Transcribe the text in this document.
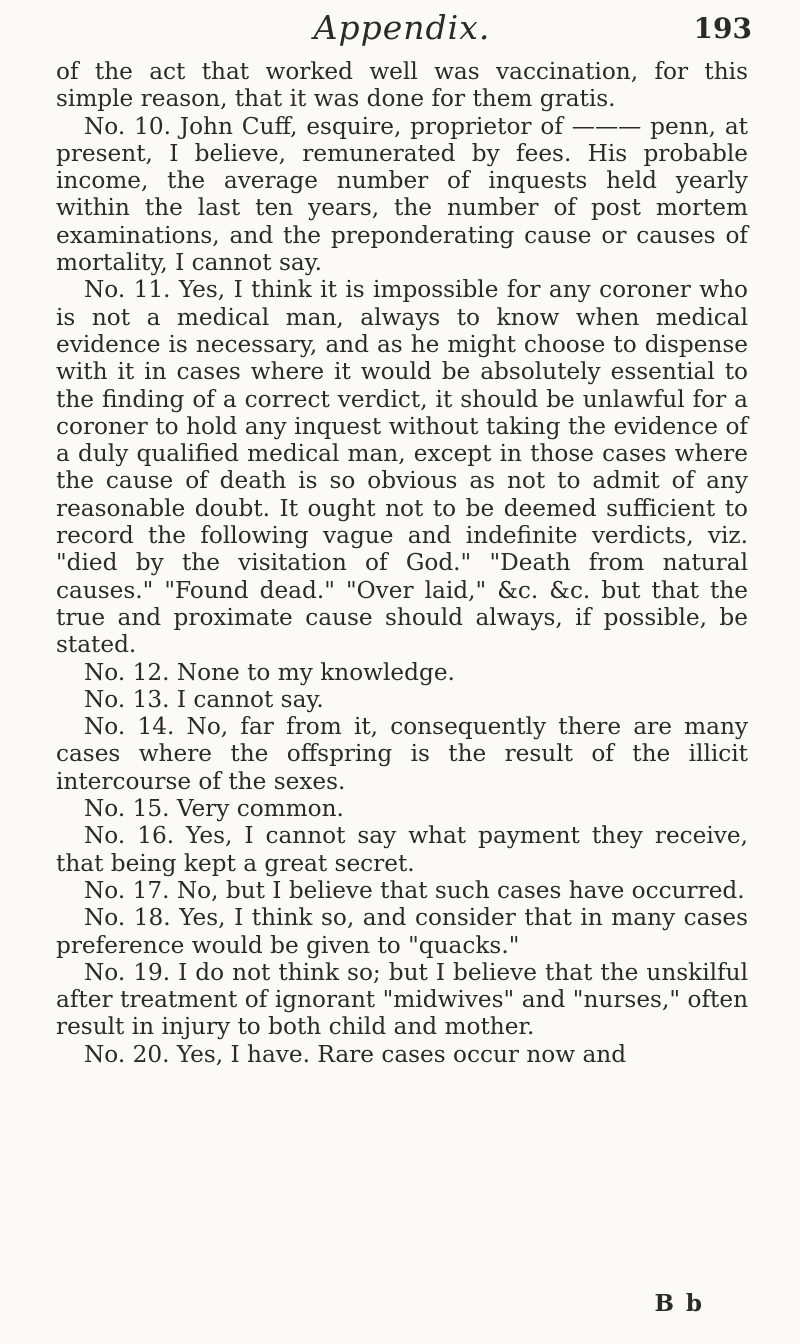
Appendix.	193

of the act that worked well was vaccination, for this simple reason, that it was done for them gratis.

No. 10. John Cuff, esquire, proprietor of ——— penn, at present, I believe, remunerated by fees. His probable income, the average number of inquests held yearly within the last ten years, the number of post mortem examinations, and the preponderating cause or causes of mortality, I cannot say.

No. 11. Yes, I think it is impossible for any coroner who is not a medical man, always to know when medical evidence is necessary, and as he might choose to dispense with it in cases where it would be absolutely essential to the finding of a correct verdict, it should be unlawful for a coroner to hold any inquest without taking the evidence of a duly qualified medical man, except in those cases where the cause of death is so obvious as not to admit of any reasonable doubt. It ought not to be deemed sufficient to record the following vague and indefinite verdicts, viz. "died by the visitation of God." "Death from natural causes." "Found dead." "Over laid," &c. &c. but that the true and proximate cause should always, if possible, be stated.

No. 12. None to my knowledge.

No. 13. I cannot say.

No. 14. No, far from it, consequently there are many cases where the offspring is the result of the illicit intercourse of the sexes.

No. 15. Very common.

No. 16. Yes, I cannot say what payment they receive, that being kept a great secret.

No. 17. No, but I believe that such cases have occurred.

No. 18. Yes, I think so, and consider that in many cases preference would be given to "quacks."

No. 19. I do not think so; but I believe that the unskilful after treatment of ignorant "midwives" and "nurses," often result in injury to both child and mother.

No. 20. Yes, I have. Rare cases occur now and

B b
